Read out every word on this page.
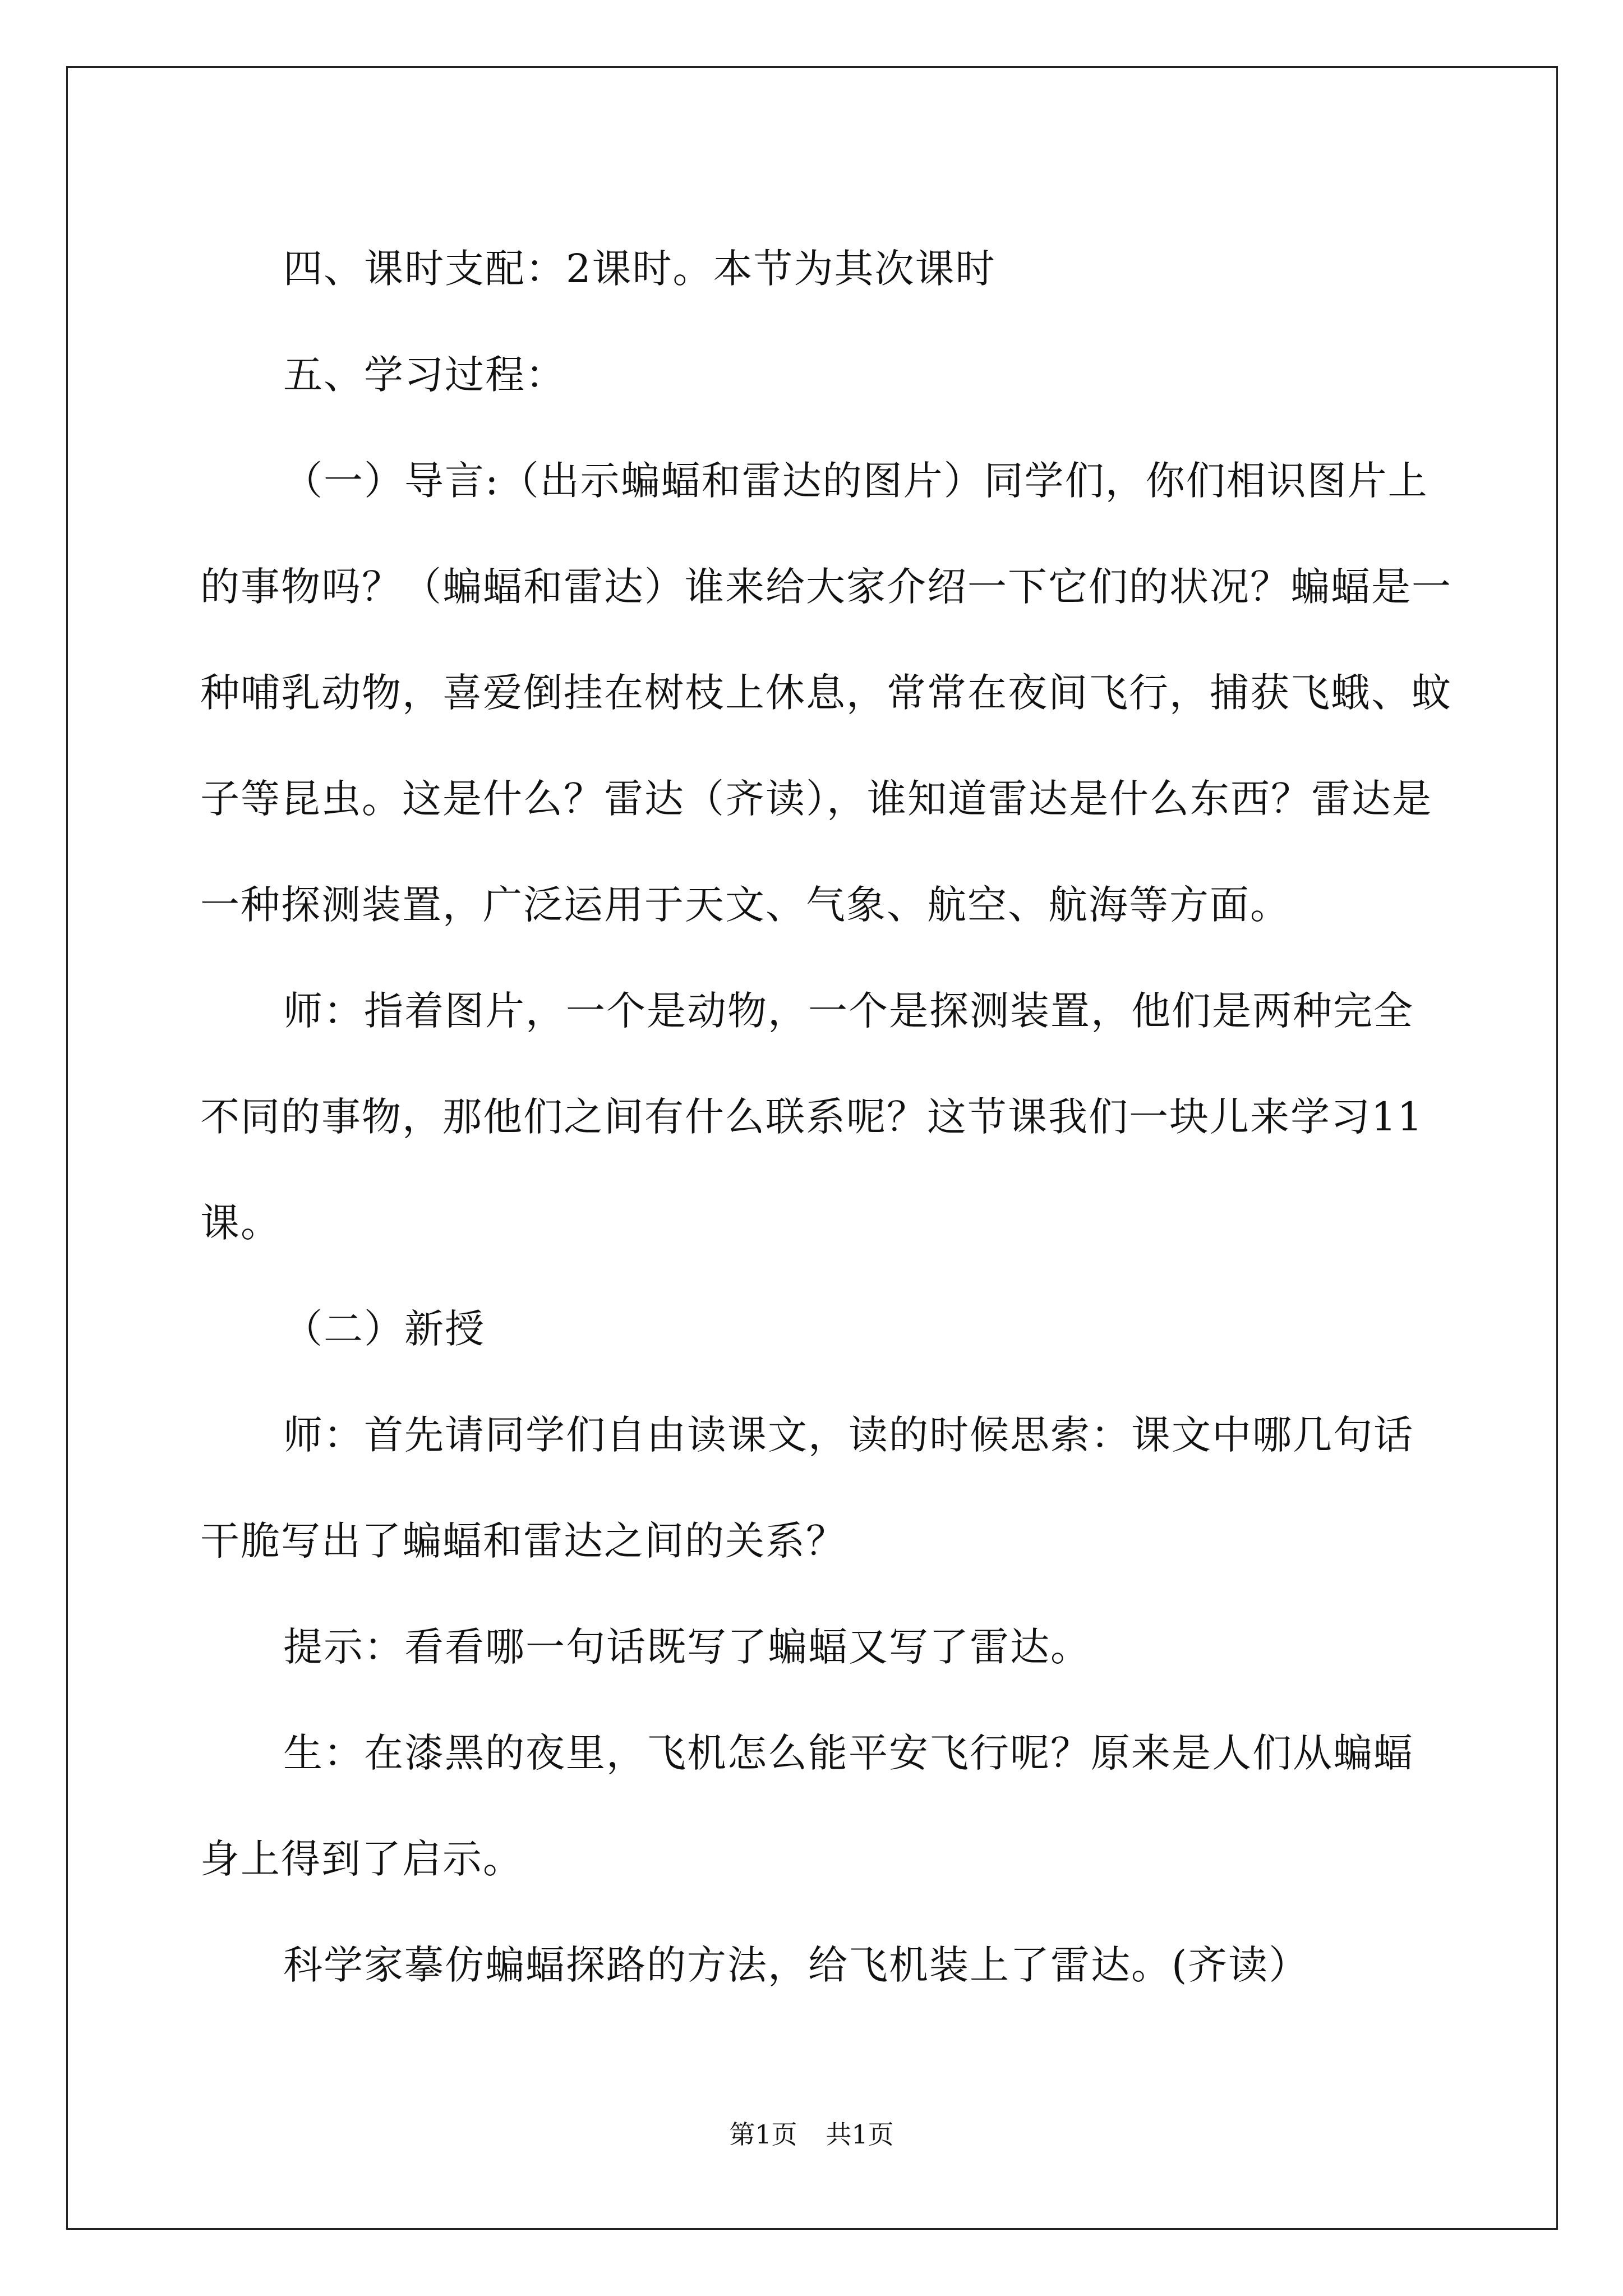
四、课时支配：2课时。本节为其次课时

五、学习过程：

（一）导言:（出示蝙蝠和雷达的图片）同学们，你们相识图片上的事物吗？（蝙蝠和雷达）谁来给大家介绍一下它们的状况？蝙蝠是一种哺乳动物，喜爱倒挂在树枝上休息，常常在夜间飞行，捕获飞蛾、蚊子等昆虫。这是什么？雷达（齐读），谁知道雷达是什么东西？雷达是一种探测装置，广泛运用于天文、气象、航空、航海等方面。

师：指着图片，一个是动物，一个是探测装置，他们是两种完全不同的事物，那他们之间有什么联系呢？这节课我们一块儿来学习11课。

（二）新授

师：首先请同学们自由读课文，读的时候思索：课文中哪几句话干脆写出了蝙蝠和雷达之间的关系？

提示：看看哪一句话既写了蝙蝠又写了雷达。

生：在漆黑的夜里，飞机怎么能平安飞行呢？原来是人们从蝙蝠身上得到了启示。

科学家摹仿蝙蝠探路的方法，给飞机装上了雷达。(齐读）

第1页 共1页
